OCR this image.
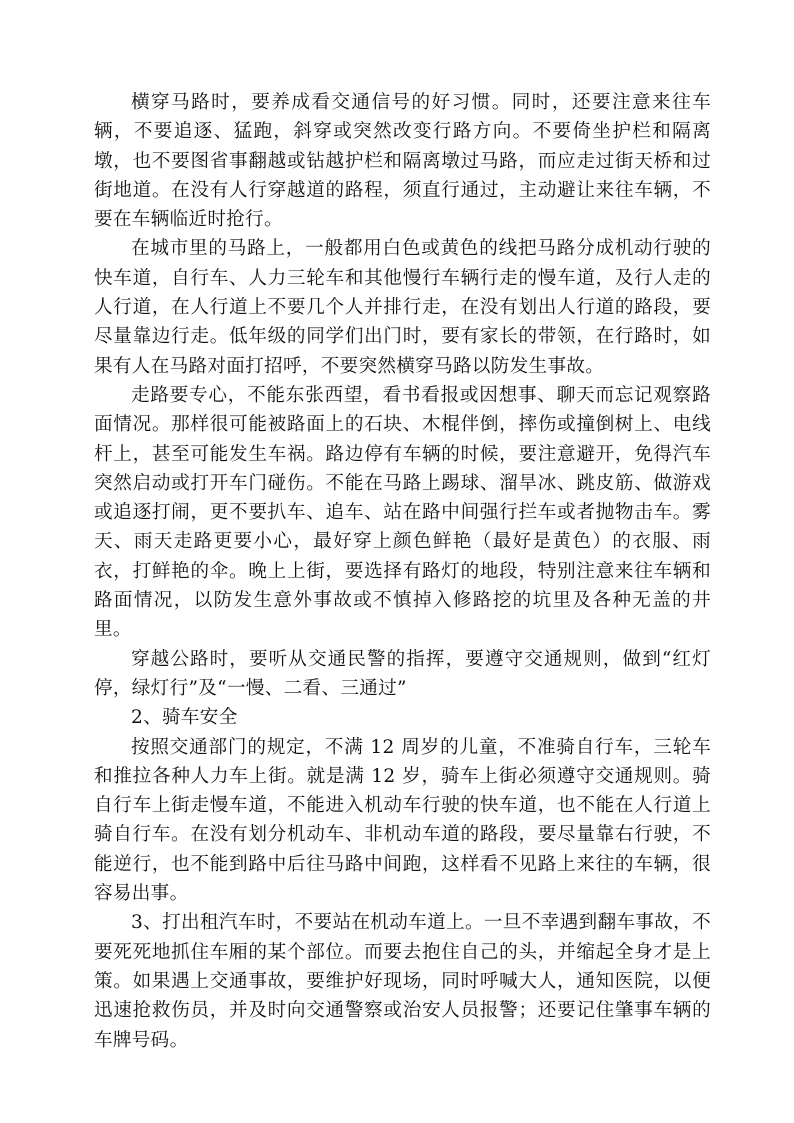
横穿马路时，要养成看交通信号的好习惯。同时，还要注意来往车辆，不要追逐、猛跑，斜穿或突然改变行路方向。不要倚坐护栏和隔离墩，也不要图省事翻越或钻越护栏和隔离墩过马路，而应走过街天桥和过街地道。在没有人行穿越道的路程，须直行通过，主动避让来往车辆，不要在车辆临近时抢行。

在城市里的马路上，一般都用白色或黄色的线把马路分成机动行驶的快车道，自行车、人力三轮车和其他慢行车辆行走的慢车道，及行人走的人行道，在人行道上不要几个人并排行走，在没有划出人行道的路段，要尽量靠边行走。低年级的同学们出门时，要有家长的带领，在行路时，如果有人在马路对面打招呼，不要突然横穿马路以防发生事故。

走路要专心，不能东张西望，看书看报或因想事、聊天而忘记观察路面情况。那样很可能被路面上的石块、木棍伴倒，摔伤或撞倒树上、电线杆上，甚至可能发生车祸。路边停有车辆的时候，要注意避开，免得汽车突然启动或打开车门碰伤。不能在马路上踢球、溜旱冰、跳皮筋、做游戏或追逐打闹，更不要扒车、追车、站在路中间强行拦车或者抛物击车。雾天、雨天走路更要小心，最好穿上颜色鲜艳（最好是黄色）的衣服、雨衣，打鲜艳的伞。晚上上街，要选择有路灯的地段，特别注意来往车辆和路面情况，以防发生意外事故或不慎掉入修路挖的坑里及各种无盖的井里。

穿越公路时，要听从交通民警的指挥，要遵守交通规则，做到“红灯停，绿灯行”及“一慢、二看、三通过”

2、骑车安全

按照交通部门的规定，不满 12 周岁的儿童，不准骑自行车，三轮车和推拉各种人力车上街。就是满 12 岁，骑车上街必须遵守交通规则。骑自行车上街走慢车道，不能进入机动车行驶的快车道，也不能在人行道上骑自行车。在没有划分机动车、非机动车道的路段，要尽量靠右行驶，不能逆行，也不能到路中后往马路中间跑，这样看不见路上来往的车辆，很容易出事。

3、打出租汽车时，不要站在机动车道上。一旦不幸遇到翻车事故，不要死死地抓住车厢的某个部位。而要去抱住自己的头，并缩起全身才是上策。如果遇上交通事故，要维护好现场，同时呼喊大人，通知医院，以便迅速抢救伤员，并及时向交通警察或治安人员报警；还要记住肇事车辆的车牌号码。
